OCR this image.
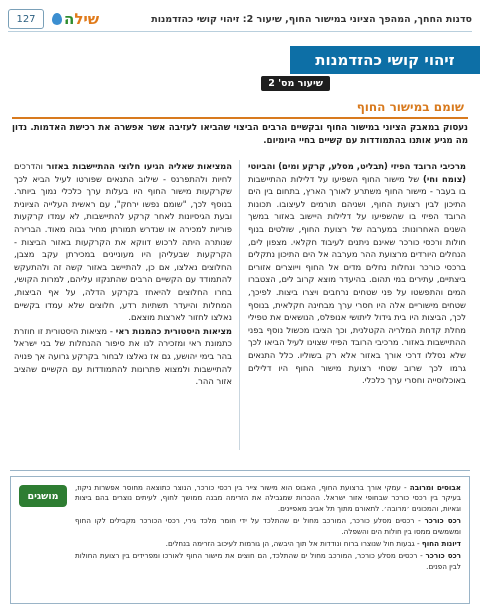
127	שילה	סדנות החחך, המהפך הציוני במישור החוף, שיעור 2: זיהוי קושי כהזדמנות
זיהוי קושי כהזדמנות
שיעור מס' 2
שומם במישור החוף
נעסוק במאבק הציוני במישור החוף ובקשיים הרבים הביצוי שהביאו לעזיבה אשר אפשרה את רכישת האדמות. נדון מה מגיע אותנו בהתמודדות עם קשיים בחיי היומיום.

מרכיבי הרובד הפיזי (תבליט, מסלע, קרקע ומים) והביוטי (צומח וחי) של מישור החוף השפיעו על דלילות ההתיישבות בו בעבר - מישור החוף משתרע לאורך הארץ, בתחום בין הים התיכון לבין רצועת החוף, ושניהם תורמים לעיצובו. תכונות הרובד הפיזי בו שהשפיעו על דלילות היישוב באזור במשך השנים האחרונות: במערבה של רצועת החוף, שולטים בנוף חולות ורכסי כורכר שאינם ניתנים לעיבוד חקלאי. מצפון לים, הנחלים היורדים מרצועת ההר מערבה אל הים התיכון נתקלים ברכסי כורכר ונחלות נחלים מדים אל החוף וייוצרים אזורים ביצתיים, עתירים במי תהום. בהיעדר מוצא קרוב לים, הצטברו המים והתפשטו על פני שטחים נרחבים ויצרו ביצות. לפיכך, שטחים מישוריים אלה היו חסרי ערך מבחינה חקלאית, בנוסף לכך, הביצות היו בית גידול ליתושי אנופלס, הנושאים את טפילי מחלת קדחת המלריה הקטלנית, וכך הציבו מכשול נוסף בפני ההתיישבות באזור. מרכיבי הרובד הפיזי שצוינו לעיל הביאו לכך שלא נסללו דרכי אורך באזור אלא רק בשוליו. כלל התנאים גרמו לכך שרוב שטחי רצועת מישור החוף היו דלילים באוכלוסייה וחסרי ערך כלכלי.

המציאות שאליה הגיעו חלוצי ההתיישבות באזור והדרכים לחיות ולהתפרנס - שילוב התנאים שפורטו לעיל הביא לכך שקרקעות מישור החוף היו בעלות ערך כלכלי נמוך ביותר. בנוסף לכך, "שומם נפשו ירחק", עם ראשית העלייה הציונית ובעת הגיסיונות לאחר קרקע להתיישבות, לא עמדו קרקעות פוריות למכירה או שנדרש תמורתן מחיר גבוה מאוד. הברירה שנותרה היתה לרכוש דווקא את הקרקעות באזור הביצות - הקרקעות שבעליהן היו מעוניינים במכירתן עקב מצבן, החלוצים נאלצו, אם כן, להתיישב באזור קשה זה ולהתעקש להתמודד עם הקשיים הרבים שהתנקזו עליהם, למרות הקושי, בחרו החלוצים להיאחז בקרקע הדלה, על אף הביצות, המחלות והיעדר תשתיות רדע, חלוצים שלא עמדו בקשיים נאלצו לחזור לארצות מוצאם.

מציאות היסטורית כהמנות ראי - מציאות היסטורית זו חוזרת כתמונת ראי ומזכירה לנו את סיפור ההנחלות של בני ישראל בהר בימי יהושע, גם אז נאלצו לבחור בקרקע גרועה אך פנויה להתיישבות ולמצוא פתרונות להתמודדות עם הקשיים שהציב אזור ההר.

מושגים

אבוסים ומרובה - עמקי אורך ברצועת החוף, האבוס הוא מישור צייר בין רכסי כורכר, הנוצר כתוצאה מחוסר אפשרות ניקוז, בעיקר בין רכסי כורכר שבחופי אזור ישראל. ההכרות שמגבילה את הזרימה מבנה ממושך לחוף, לעיתים נוצרים בהם ביצות וגאיות, והמכונים ׳מרובה׳. לתאורם מתוך תל אביב מאפיינים.

רכס כורכר - רכסים מסלע כורכר, המורכב מחול ים שהתלכד על ידי חומר מלכד גירי, רכסי הכורכר מקבילים לקו החוף ומשמשים ממסו בין חולות הים והשפלה.

דיונות החוף - גבעות חול שנוצרו ברוח ונודדות אל תוך היבשה, הן גורמות לעיכוב הזרימה בנחלים.

רכס כורכר - רכסים מסלע כורכר, המורכב מחול ים שהתלכד, הם חוצים את מישור החוף לאורכו ומפרידים בין רצועת החולות לבין הפנים.
